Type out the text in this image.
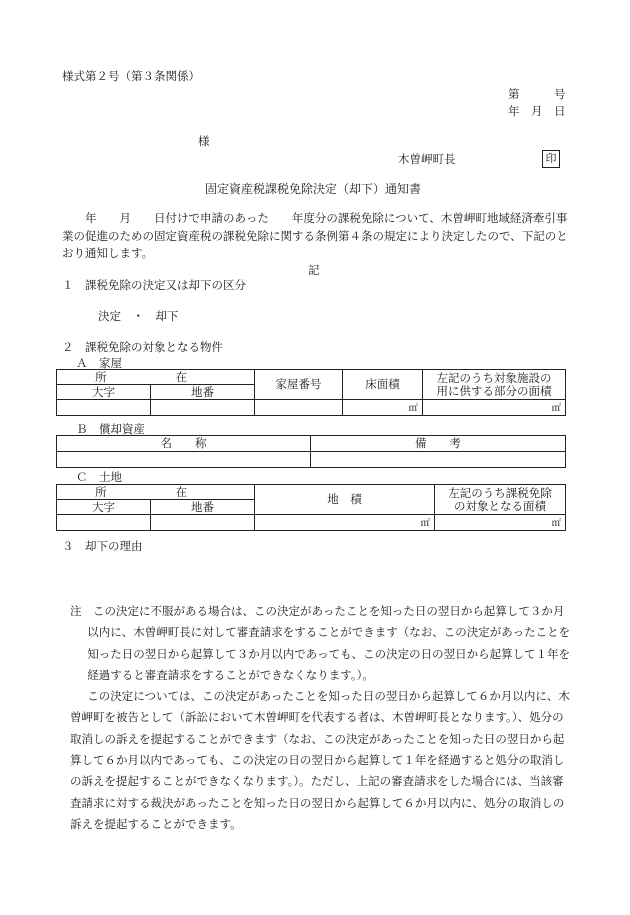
様式第２号（第３条関係）
第　　　号
年　月　日
様
木曽岬町長	印
固定資産税課税免除決定（却下）通知書
年　　月　　日付けで申請のあった　　年度分の課税免除について、木曽岬町地域経済牽引事業の促進のための固定資産税の課税免除に関する条例第４条の規定により決定したので、下記のとおり通知します。
記
１　課税免除の決定又は却下の区分
決定　・　却下
２　課税免除の対象となる物件
Ａ　家屋
所　在		家屋番号	床面積	左記のうち対象施設の
用に供する部分の面積

大字	地番			
			㎡	㎡
Ｂ　償却資産
名　　称	備　　考

Ｃ　土地
所　在		地　積	左記のうち課税免除
の対象となる面積

大字	地番		
		㎡	㎡
３　却下の理由

注　この決定に不服がある場合は、この決定があったことを知った日の翌日から起算して３か月以内に、木曽岬町長に対して審査請求をすることができます（なお、この決定があったことを知った日の翌日から起算して３か月以内であっても、この決定の日の翌日から起算して１年を経過すると審査請求をすることができなくなります。）。

この決定については、この決定があったことを知った日の翌日から起算して６か月以内に、木曽岬町を被告として（訴訟において木曽岬町を代表する者は、木曽岬町長となります。）、処分の取消しの訴えを提起することができます（なお、この決定があったことを知った日の翌日から起算して６か月以内であっても、この決定の日の翌日から起算して１年を経過すると処分の取消しの訴えを提起することができなくなります。）。ただし、上記の審査請求をした場合には、当該審査請求に対する裁決があったことを知った日の翌日から起算して６か月以内に、処分の取消しの訴えを提起することができます。
